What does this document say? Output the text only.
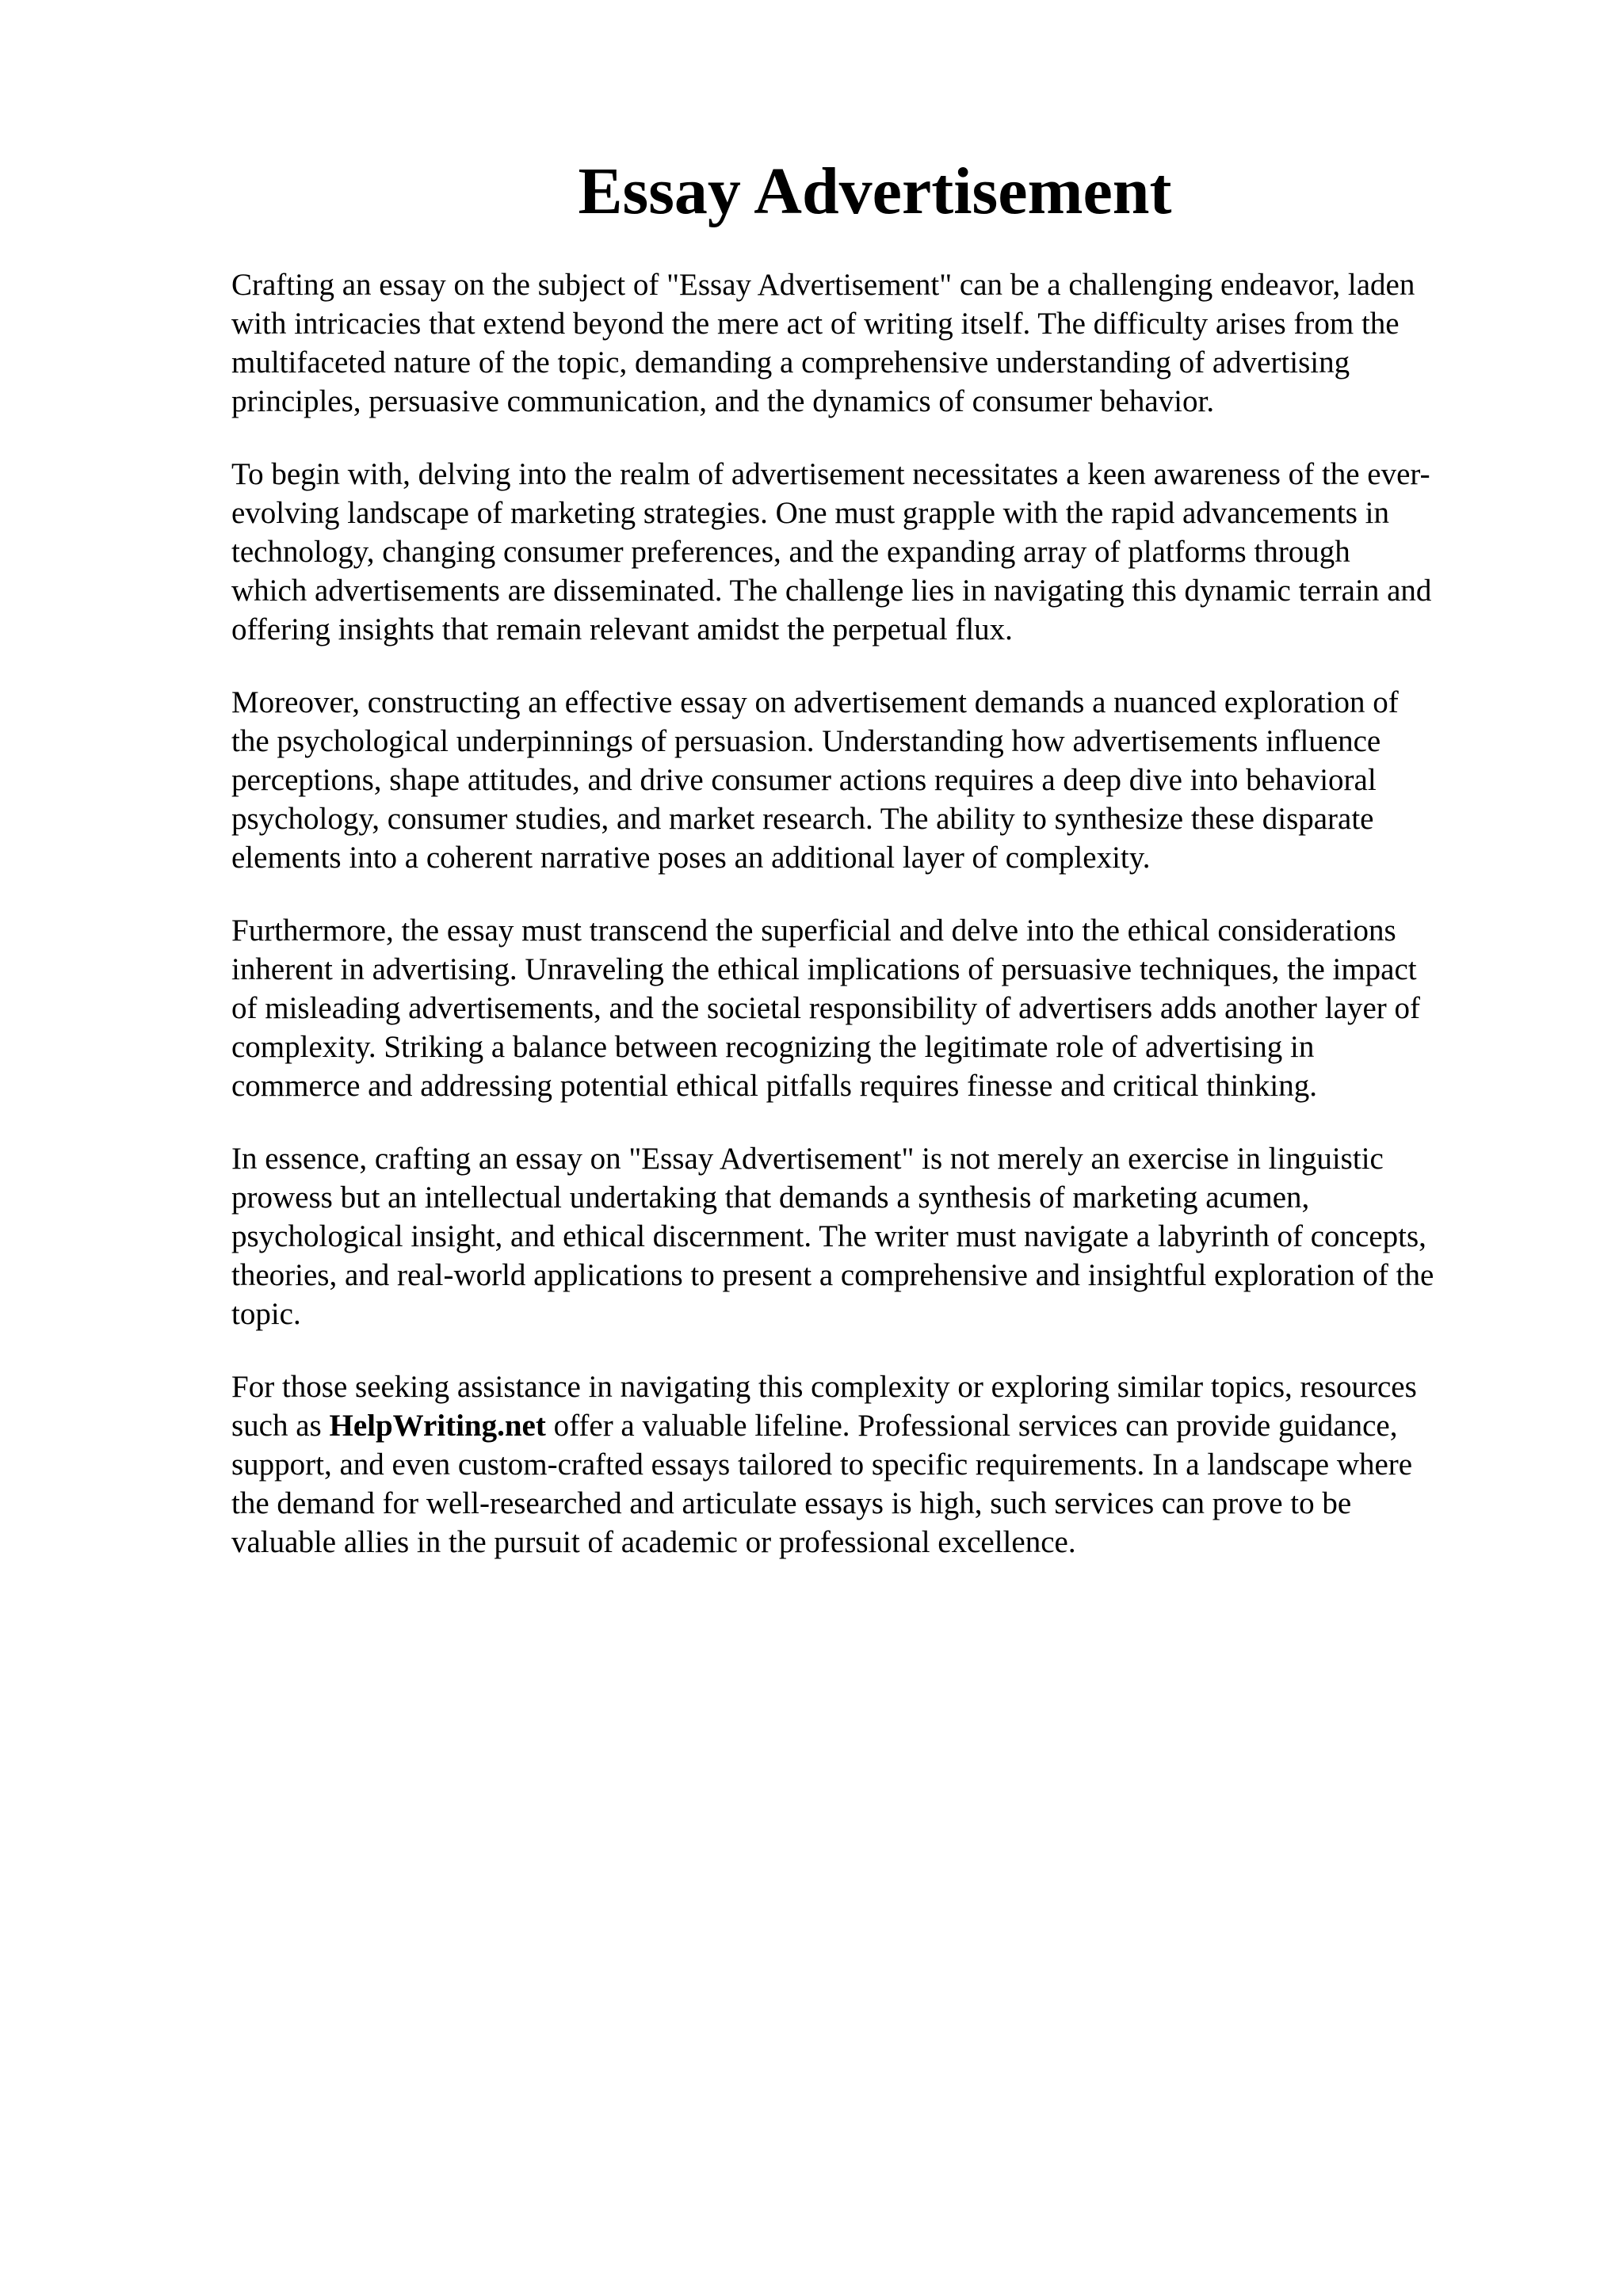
Essay Advertisement

Crafting an essay on the subject of "Essay Advertisement" can be a challenging endeavor, laden
with intricacies that extend beyond the mere act of writing itself. The difficulty arises from the
multifaceted nature of the topic, demanding a comprehensive understanding of advertising
principles, persuasive communication, and the dynamics of consumer behavior.

To begin with, delving into the realm of advertisement necessitates a keen awareness of the ever-
evolving landscape of marketing strategies. One must grapple with the rapid advancements in
technology, changing consumer preferences, and the expanding array of platforms through
which advertisements are disseminated. The challenge lies in navigating this dynamic terrain and
offering insights that remain relevant amidst the perpetual flux.

Moreover, constructing an effective essay on advertisement demands a nuanced exploration of
the psychological underpinnings of persuasion. Understanding how advertisements influence
perceptions, shape attitudes, and drive consumer actions requires a deep dive into behavioral
psychology, consumer studies, and market research. The ability to synthesize these disparate
elements into a coherent narrative poses an additional layer of complexity.

Furthermore, the essay must transcend the superficial and delve into the ethical considerations
inherent in advertising. Unraveling the ethical implications of persuasive techniques, the impact
of misleading advertisements, and the societal responsibility of advertisers adds another layer of
complexity. Striking a balance between recognizing the legitimate role of advertising in
commerce and addressing potential ethical pitfalls requires finesse and critical thinking.

In essence, crafting an essay on "Essay Advertisement" is not merely an exercise in linguistic
prowess but an intellectual undertaking that demands a synthesis of marketing acumen,
psychological insight, and ethical discernment. The writer must navigate a labyrinth of concepts,
theories, and real-world applications to present a comprehensive and insightful exploration of the
topic.

For those seeking assistance in navigating this complexity or exploring similar topics, resources
such as HelpWriting.net offer a valuable lifeline. Professional services can provide guidance,
support, and even custom-crafted essays tailored to specific requirements. In a landscape where
the demand for well-researched and articulate essays is high, such services can prove to be
valuable allies in the pursuit of academic or professional excellence.
